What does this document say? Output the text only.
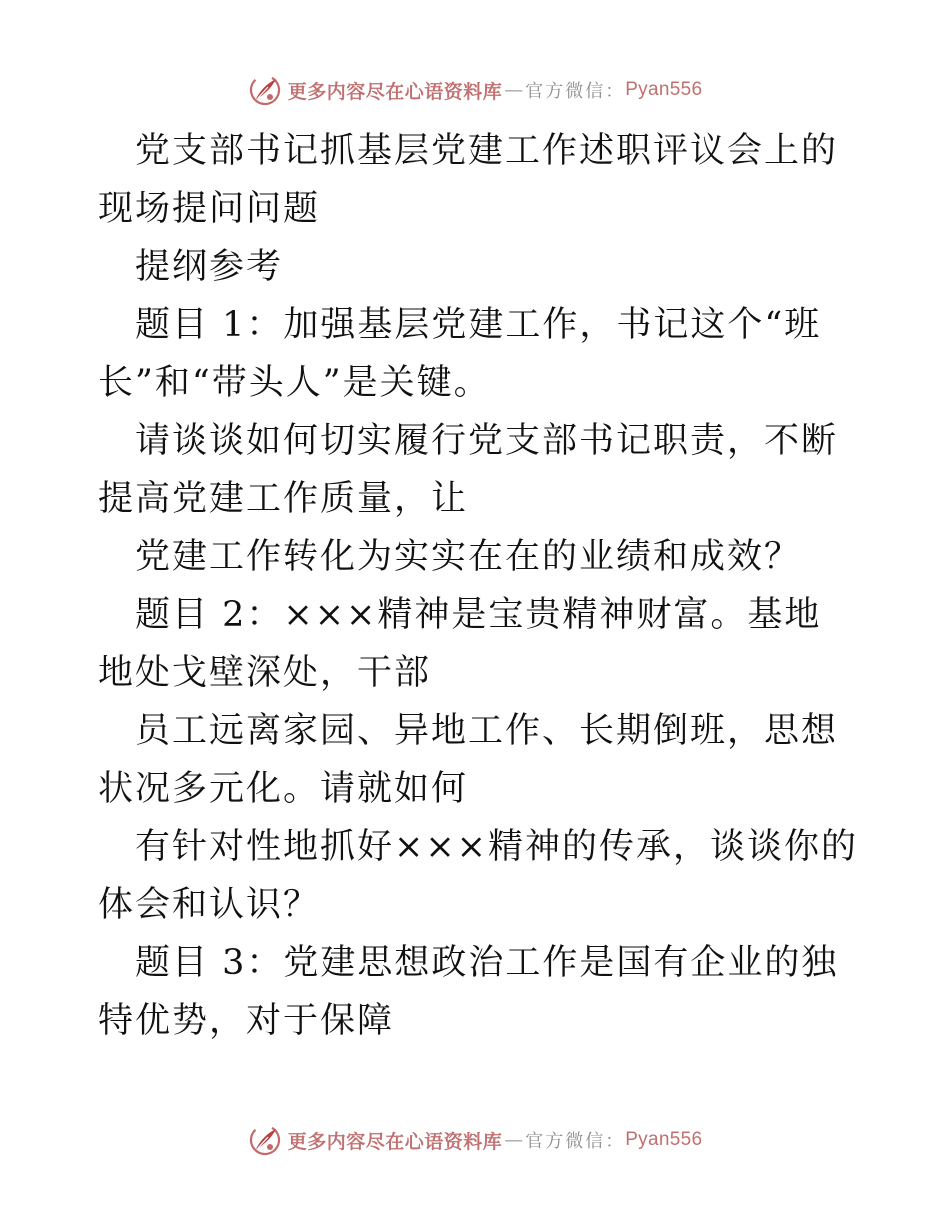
更多内容尽在心语资料库 — 官方微信： Pyan556

党支部书记抓基层党建工作述职评议会上的现场提问问题

提纲参考

题目 1：加强基层党建工作，书记这个“班长”和“带头人”是关键。

请谈谈如何切实履行党支部书记职责，不断提高党建工作质量，让

党建工作转化为实实在在的业绩和成效？

题目 2：×××精神是宝贵精神财富。基地地处戈壁深处，干部

员工远离家园、异地工作、长期倒班，思想状况多元化。请就如何

有针对性地抓好×××精神的传承，谈谈你的体会和认识？

题目 3：党建思想政治工作是国有企业的独特优势，对于保障

更多内容尽在心语资料库 — 官方微信： Pyan556
